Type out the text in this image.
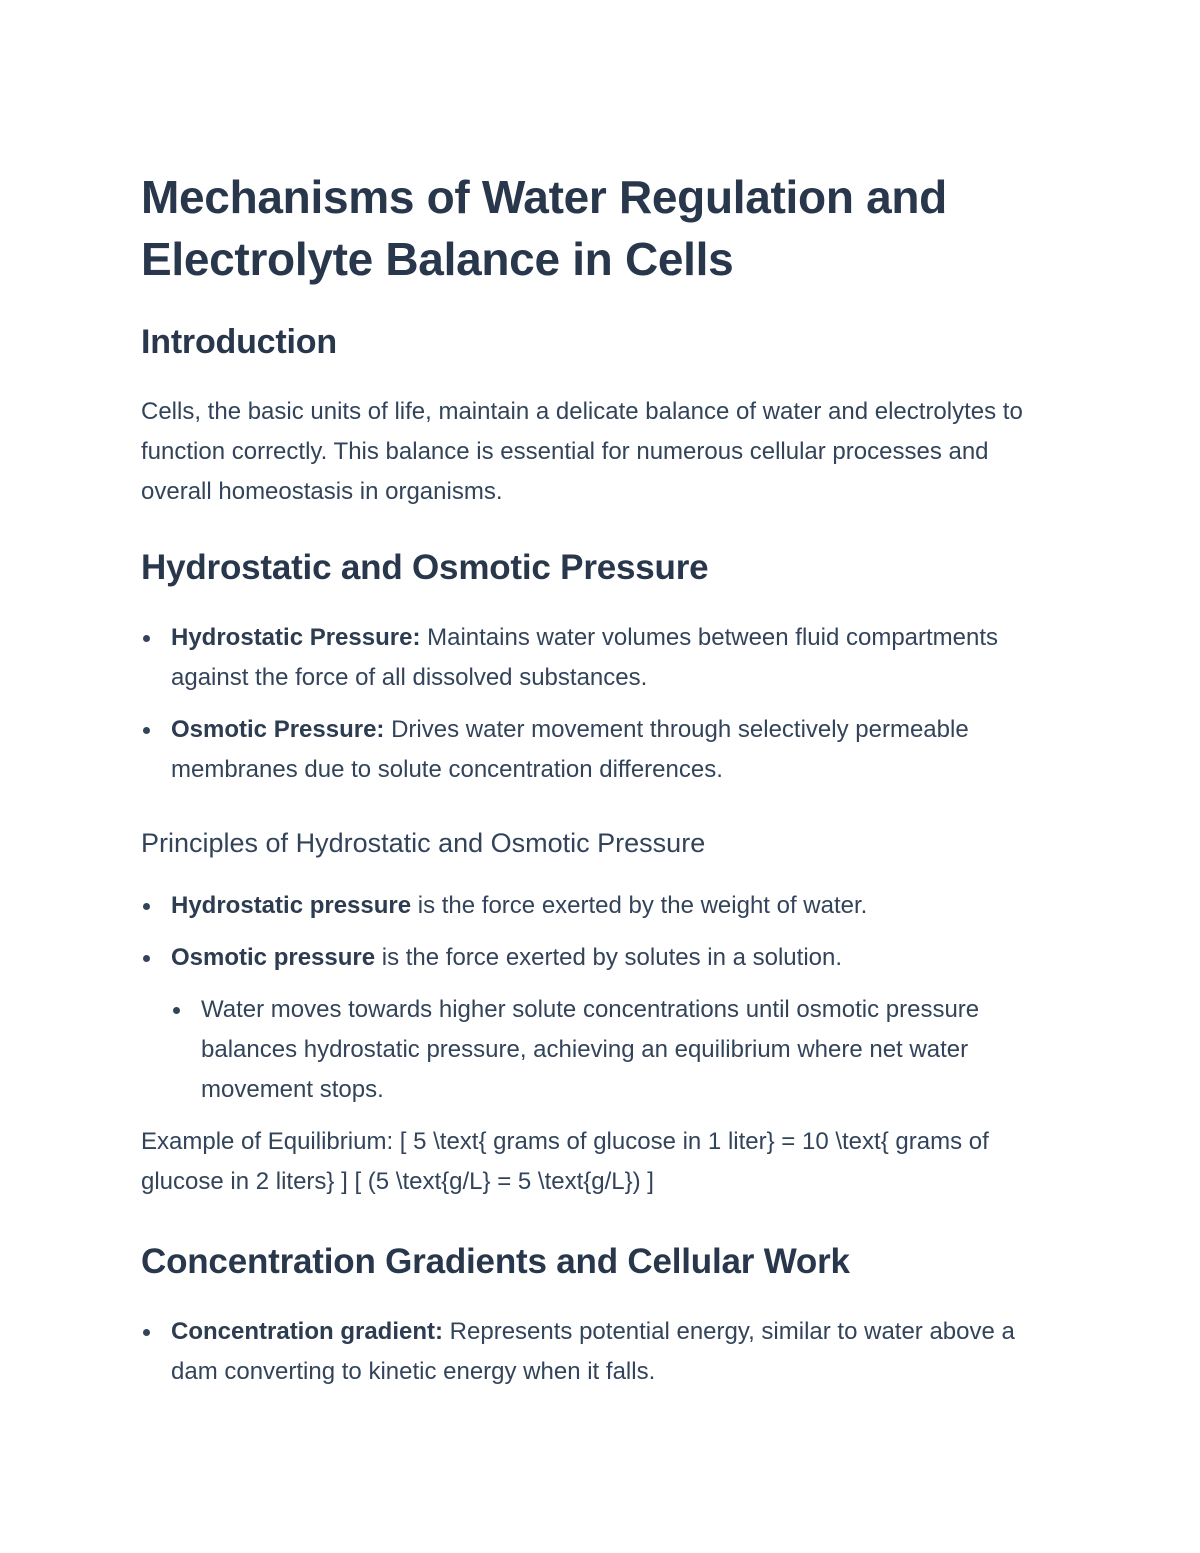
Mechanisms of Water Regulation and
Electrolyte Balance in Cells
Introduction

Cells, the basic units of life, maintain a delicate balance of water and electrolytes to function correctly. This balance is essential for numerous cellular processes and overall homeostasis in organisms.

Hydrostatic and Osmotic Pressure
Hydrostatic Pressure: Maintains water volumes between fluid compartments against the force of all dissolved substances.
Osmotic Pressure: Drives water movement through selectively permeable membranes due to solute concentration differences.
Principles of Hydrostatic and Osmotic Pressure
Hydrostatic pressure is the force exerted by the weight of water.
Osmotic pressure is the force exerted by solutes in a solution.
Water moves towards higher solute concentrations until osmotic pressure balances hydrostatic pressure, achieving an equilibrium where net water movement stops.

Example of Equilibrium: [ 5 \text{ grams of glucose in 1 liter} = 10 \text{ grams of glucose in 2 liters} ] [ (5 \text{g/L} = 5 \text{g/L}) ]

Concentration Gradients and Cellular Work
Concentration gradient: Represents potential energy, similar to water above a dam converting to kinetic energy when it falls.
